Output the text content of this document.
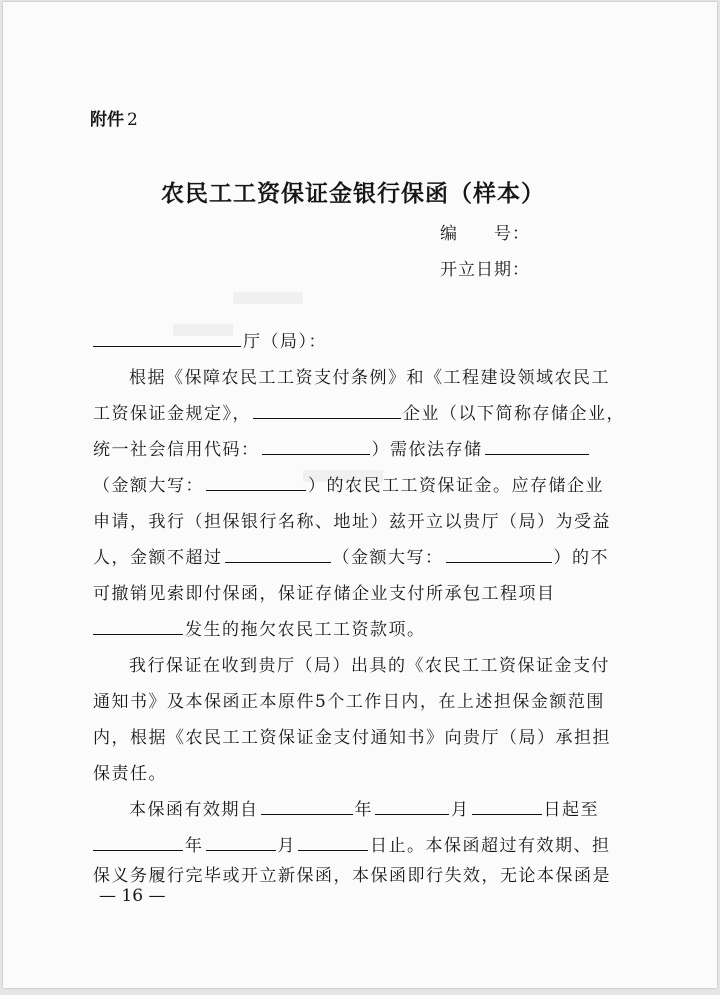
附件 2
农民工工资保证金银行保函（样本）
编 号：
开立日期：
厅（局）：
根据《保障农民工工资支付条例》和《工程建设领域农民工
工资保证金规定》，	企业（以下简称存储企业，
统一社会信用代码：	）需依法存储
（金额大写：	）的农民工工资保证金。应存储企业
申请，我行（担保银行名称、地址）兹开立以贵厅（局）为受益
人，金额不超过	（金额大写：	）的不
可撤销见索即付保函，保证存储企业支付所承包工程项目
发生的拖欠农民工工资款项。
我行保证在收到贵厅（局）出具的《农民工工资保证金支付
通知书》及本保函正本原件5个工作日内，在上述担保金额范围
内，根据《农民工工资保证金支付通知书》向贵厅（局）承担担
保责任。
本保函有效期自	年	月	日起至
年	月	日止。本保函超过有效期、担
保义务履行完毕或开立新保函，本保函即行失效，无论本保函是
— 16 —
